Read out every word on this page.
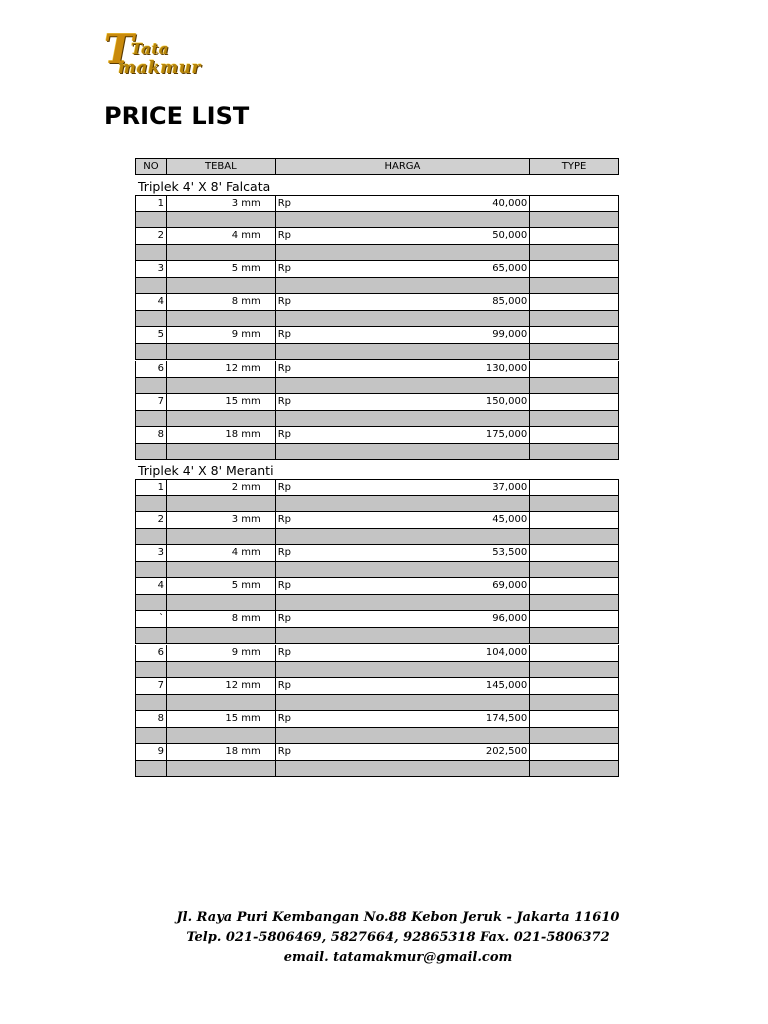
T
Tata
makmur
PRICE LIST
NO	TEBAL	HARGA	TYPE
Triplek 4' X 8' Falcata
1	3 mm	Rp	40,000
2	4 mm	Rp	50,000
3	5 mm	Rp	65,000
4	8 mm	Rp	85,000
5	9 mm	Rp	99,000
6	12 mm	Rp	130,000
7	15 mm	Rp	150,000
8	18 mm	Rp	175,000
Triplek 4' X 8' Meranti
1	2 mm	Rp	37,000
2	3 mm	Rp	45,000
3	4 mm	Rp	53,500
4	5 mm	Rp	69,000
`	8 mm	Rp	96,000
6	9 mm	Rp	104,000
7	12 mm	Rp	145,000
8	15 mm	Rp	174,500
9	18 mm	Rp	202,500
Jl. Raya Puri Kembangan No.88 Kebon Jeruk - Jakarta 11610
Telp. 021-5806469, 5827664, 92865318 Fax. 021-5806372
email. tatamakmur@gmail.com
